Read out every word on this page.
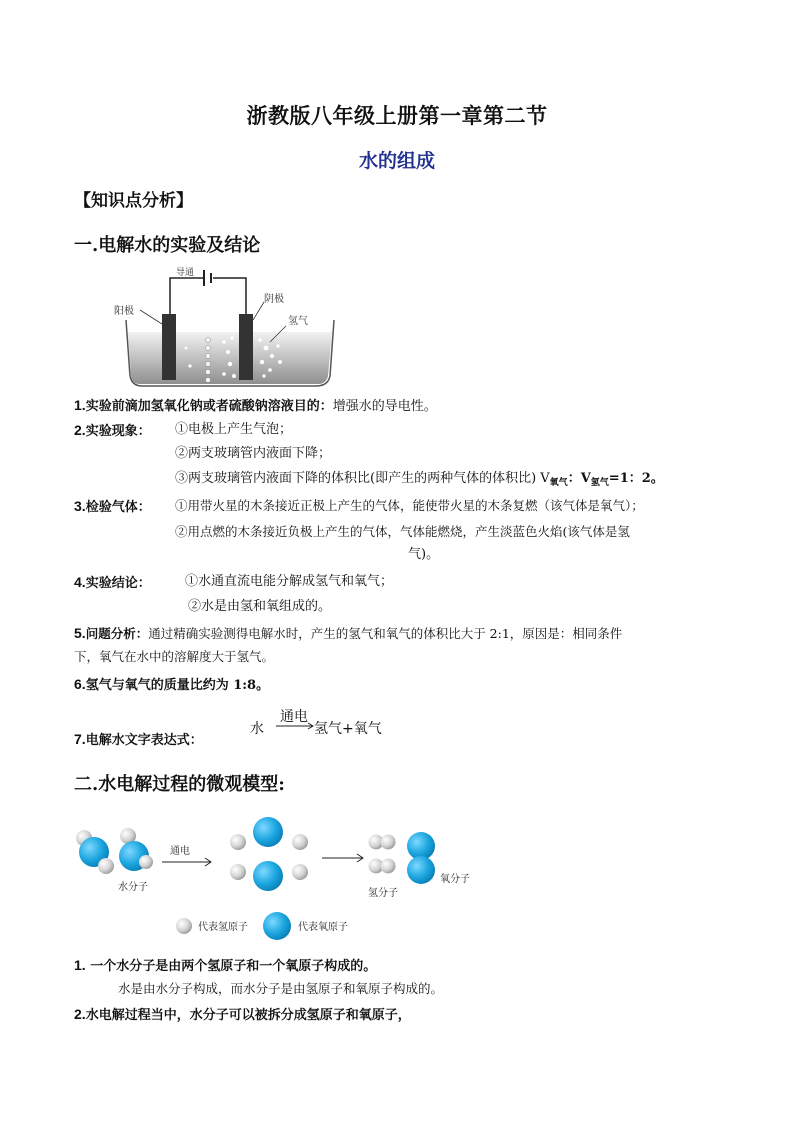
浙教版八年级上册第一章第二节
水的组成
【知识点分析】
一.电解水的实验及结论
导通
阳极
阴极
氢气
1.实验前滴加氢氧化钠或者硫酸钠溶液目的：增强水的导电性。
2.实验现象： ①电极上产生气泡；
②两支玻璃管内液面下降；
③两支玻璃管内液面下降的体积比(即产生的两种气体的体积比) $V_{氧气}$：$V_{氢气}=1$：2。
3.检验气体： ①用带火星的木条接近正极上产生的气体，能使带火星的木条复燃（该气体是氧气）；
②用点燃的木条接近负极上产生的气体，气体能燃烧，产生淡蓝色火焰(该气体是氢
气)。
4.实验结论：	①水通直流电能分解成氢气和氧气；
②水是由氢和氧组成的。
5.问题分析：通过精确实验测得电解水时，产生的氢气和氧气的体积比大于 2:1，原因是：相同条件
下，氧气在水中的溶解度大于氢气。
6.氢气与氧气的质量比约为 1:8。
7.电解水文字表达式：
水
通电
氢气+氧气
二.水电解过程的微观模型:
水分子
通电
氢分子
氧分子
代表氢原子	代表氧原子
1. 一个水分子是由两个氢原子和一个氧原子构成的。
水是由水分子构成，而水分子是由氢原子和氧原子构成的。
2.水电解过程当中，水分子可以被拆分成氢原子和氧原子，
